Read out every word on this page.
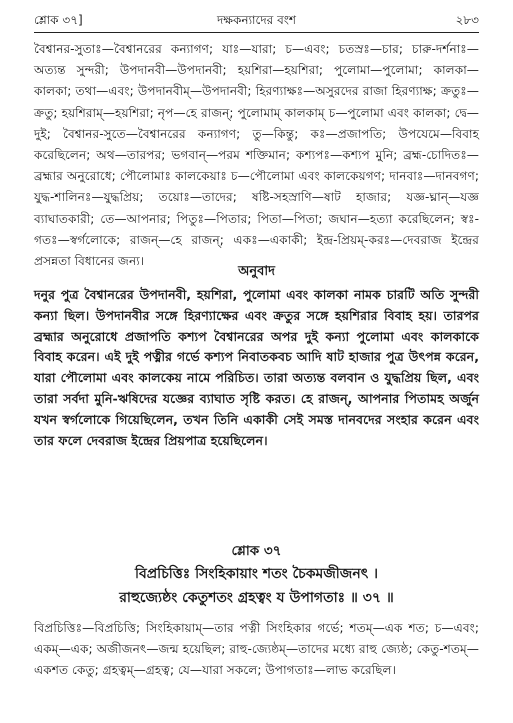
শ্লোক ৩৭]	দক্ষকন্যাদের বংশ	২৮৩
বৈশ্বানর-সুতাঃ—বৈশ্বানরের কন্যাগণ; যাঃ—যারা; চ—এবং; চতস্রঃ—চার; চারু-দর্শনাঃ—অত্যন্ত সুন্দরী; উপদানবী—উপদানবী; হয়শিরা—হয়শিরা; পুলোমা—পুলোমা; কালকা—কালকা; তথা—এবং; উপদানবীম্—উপদানবী; হিরণ্যাক্ষঃ—অসুরদের রাজা হিরণ্যাক্ষ; ক্রতুঃ—ক্রতু; হয়শিরাম্—হয়শিরা; নৃপ—হে রাজন্; পুলোমাম্ কালকাম্ চ—পুলোমা এবং কালকা; দ্বে—দুই; বৈশ্বানর-সুতে—বৈশ্বানরের কন্যাগণ; তু—কিন্তু; কঃ—প্রজাপতি; উপযেমে—বিবাহ করেছিলেন; অথ—তারপর; ভগবান্—পরম শক্তিমান; কশ্যপঃ—কশ্যপ মুনি; ব্রহ্ম-চোদিতঃ—ব্রহ্মার অনুরোধে; পৌলোমাঃ কালকেয়াঃ চ—পৌলোমা এবং কালকেয়গণ; দানবাঃ—দানবগণ; যুদ্ধ-শালিনঃ—যুদ্ধপ্রিয়; তয়োঃ—তাদের; ষষ্টি-সহস্রাণি—ষাট হাজার; যজ্ঞ-ঘ্নান্—যজ্ঞ ব্যাঘাতকারী; তে—আপনার; পিতুঃ—পিতার; পিতা—পিতা; জঘান—হত্যা করেছিলেন; স্বঃ-গতঃ—স্বর্গলোকে; রাজন্—হে রাজন্; একঃ—একাকী; ইন্দ্র-প্রিয়ম্-করঃ—দেবরাজ ইন্দ্রের প্রসন্নতা বিধানের জন্য।
অনুবাদ
দনুর পুত্র বৈশ্বানরের উপদানবী, হয়শিরা, পুলোমা এবং কালকা নামক চারটি অতি সুন্দরী কন্যা ছিল। উপদানবীর সঙ্গে হিরণ্যাক্ষের এবং ক্রতুর সঙ্গে হয়শিরার বিবাহ হয়। তারপর ব্রহ্মার অনুরোধে প্রজাপতি কশ্যপ বৈশ্বানরের অপর দুই কন্যা পুলোমা এবং কালকাকে বিবাহ করেন। এই দুই পত্নীর গর্ভে কশ্যপ নিবাতকবচ আদি ষাট হাজার পুত্র উৎপন্ন করেন, যারা পৌলোমা এবং কালকেয় নামে পরিচিত। তারা অত্যন্ত বলবান ও যুদ্ধপ্রিয় ছিল, এবং তারা সর্বদা মুনি-ঋষিদের যজ্ঞের ব্যাঘাত সৃষ্টি করত। হে রাজন্, আপনার পিতামহ অর্জুন যখন স্বর্গলোকে গিয়েছিলেন, তখন তিনি একাকী সেই সমস্ত দানবদের সংহার করেন এবং তার ফলে দেবরাজ ইন্দ্রের প্রিয়পাত্র হয়েছিলেন।
শ্লোক ৩৭
বিপ্রচিত্তিঃ সিংহিকায়াং শতং চৈকমজীজনৎ ।
রাহুজ্যেষ্ঠং কেতুশতং গ্রহত্বং য উপাগতাঃ ॥ ৩৭ ॥
বিপ্রচিত্তিঃ—বিপ্রচিত্তি; সিংহিকায়াম্—তার পত্নী সিংহিকার গর্ভে; শতম্—এক শত; চ—এবং; একম্—এক; অজীজনৎ—জন্ম হয়েছিল; রাহু-জ্যেষ্ঠম্—তাদের মধ্যে রাহু জ্যেষ্ঠ; কেতু-শতম্—একশত কেতু; গ্রহত্বম্—গ্রহত্ব; যে—যারা সকলে; উপাগতাঃ—লাভ করেছিল।
